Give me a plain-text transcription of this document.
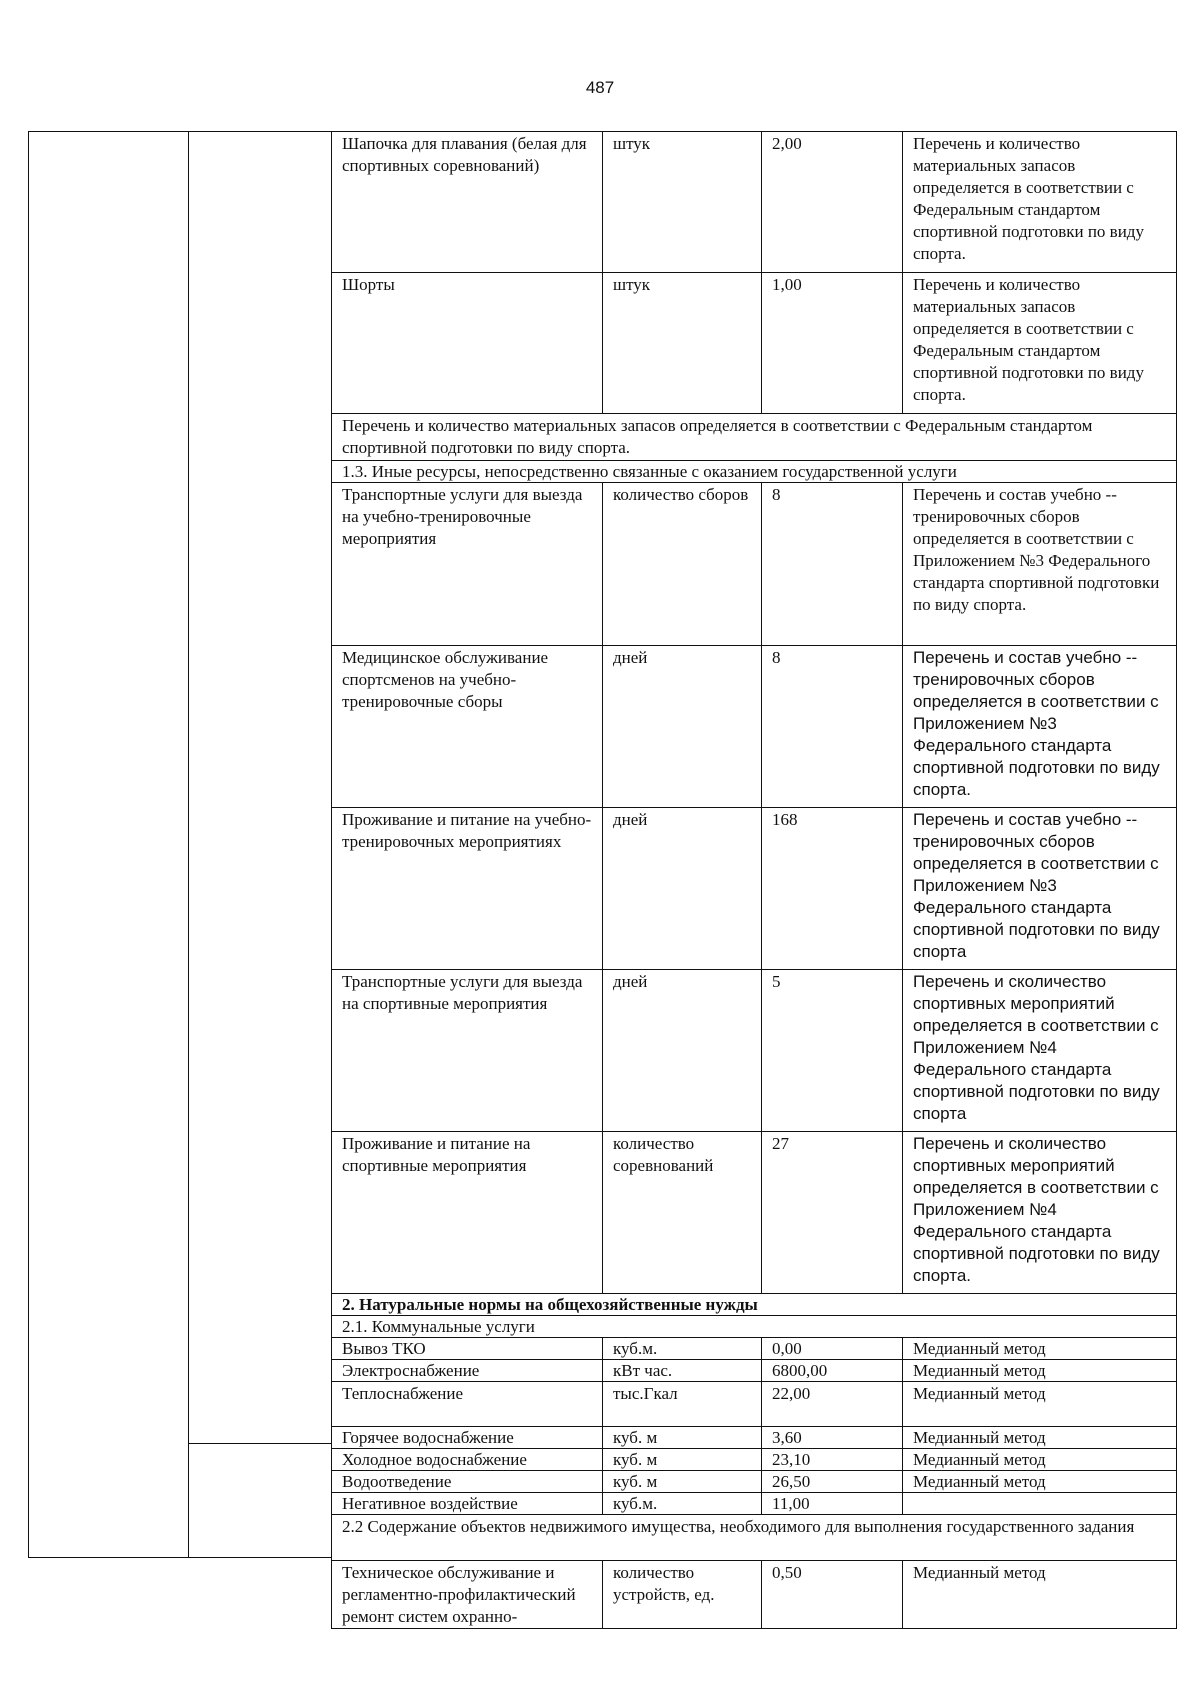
487
Шапочка для плавания (белая для спортивных соревнований)	штук	2,00	Перечень и количество материальных запасов определяется в соответствии с Федеральным стандартом спортивной подготовки по виду спорта.
Шорты	штук	1,00	Перечень и количество материальных запасов определяется в соответствии с Федеральным стандартом спортивной подготовки по виду спорта.
Перечень и количество материальных запасов определяется в соответствии с Федеральным стандартом спортивной подготовки по виду спорта.			
1.3. Иные ресурсы, непосредственно связанные с оказанием государственной услуги			
Транспортные услуги для выезда на учебно-тренировочные мероприятия	количество сборов	8	Перечень и состав учебно -- тренировочных сборов определяется в соответствии с Приложением №3 Федерального стандарта спортивной подготовки по виду спорта.
Медицинское обслуживание спортсменов на учебно-тренировочные сборы	дней	8	Перечень и состав учебно -- тренировочных сборов определяется в соответствии с Приложением №3 Федерального стандарта спортивной подготовки по виду спорта.
Проживание и питание на учебно-тренировочных мероприятиях	дней	168	Перечень и состав учебно -- тренировочных сборов определяется в соответствии с Приложением №3 Федерального стандарта спортивной подготовки по виду спорта
Транспортные услуги для выезда на спортивные мероприятия	дней	5	Перечень и сколичество спортивных мероприятий определяется в соответствии с Приложением №4 Федерального стандарта спортивной подготовки по виду спорта
Проживание и питание на спортивные мероприятия	количество соревнований	27	Перечень и сколичество спортивных мероприятий определяется в соответствии с Приложением №4 Федерального стандарта спортивной подготовки по виду спорта.
2. Натуральные нормы на общехозяйственные нужды			
2.1. Коммунальные услуги			
Вывоз ТКО	куб.м.	0,00	Медианный метод
Электроснабжение	кВт час.	6800,00	Медианный метод
Теплоснабжение	тыс.Гкал	22,00	Медианный метод
Горячее водоснабжение	куб. м	3,60	Медианный метод
Холодное водоснабжение	куб. м	23,10	Медианный метод
Водоотведение	куб. м	26,50	Медианный метод
Негативное воздействие	куб.м.	11,00	
2.2 Содержание объектов недвижимого имущества, необходимого для выполнения государственного задания			
Техническое обслуживание и регламентно-профилактический ремонт систем охранно-	количество устройств, ед.	0,50	Медианный метод
